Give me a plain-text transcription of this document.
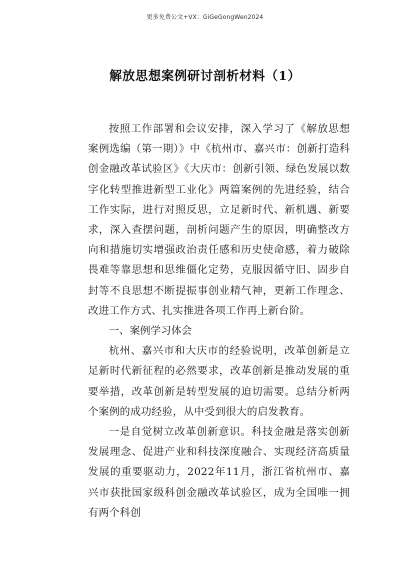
更多免费公文+VX：GiGeGongWen2024
解放思想案例研讨剖析材料（1）

按照工作部署和会议安排，深入学习了《解放思想案例选编（第一期）》中《杭州市、嘉兴市：创新打造科创金融改革试验区》《大庆市：创新引领、绿色发展以数字化转型推进新型工业化》两篇案例的先进经验，结合工作实际，进行对照反思，立足新时代、新机遇、新要求，深入查摆问题，剖析问题产生的原因，明确整改方向和措施切实增强政治责任感和历史使命感，着力破除畏难等靠思想和思维僵化定势，克服因循守旧、固步自封等不良思想不断提振事创业精气神，更新工作理念、改进工作方式、扎实推进各项工作再上新台阶。

一、案例学习体会

杭州、嘉兴市和大庆市的经验说明，改革创新是立足新时代新征程的必然要求，改革创新是推动发展的重要举措，改革创新是转型发展的迫切需要。总结分析两个案例的成功经验，从中受到很大的启发教育。

一是自觉树立改革创新意识。科技金融是落实创新发展理念、促进产业和科技深度融合、实现经济高质量发展的重要驱动力，2022年11月，浙江省杭州市、嘉兴市获批国家级科创金融改革试验区，成为全国唯一拥有两个科创
